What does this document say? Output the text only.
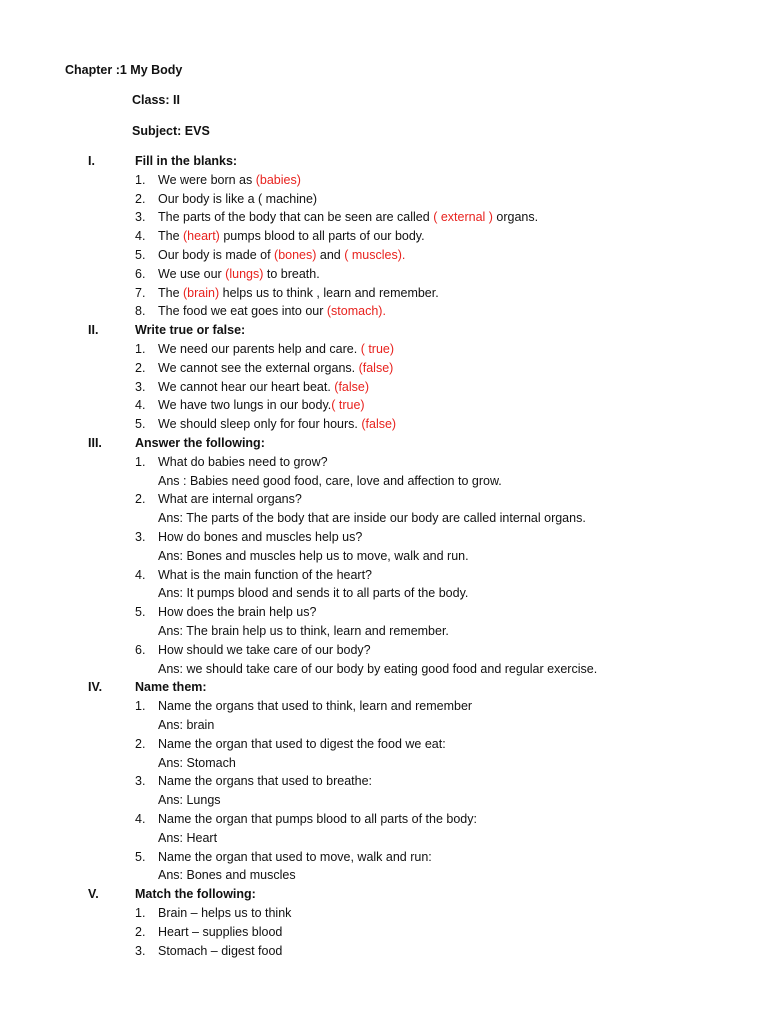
Chapter :1 My Body
Class: II
Subject: EVS
I.	Fill in the blanks:
1. We were born as (babies)
2. Our body is like a ( machine)
3. The parts of the body that can be seen are called ( external ) organs.
4. The (heart) pumps blood to all parts of our body.
5. Our body is made of (bones) and ( muscles).
6. We use our (lungs) to breath.
7. The (brain) helps us to think , learn and remember.
8. The food we eat goes into our (stomach).
II.	Write true or false:
1. We need our parents help and care. ( true)
2. We cannot see the external organs. (false)
3. We cannot hear our heart beat. (false)
4. We have two lungs in our body.( true)
5. We should sleep only for four hours. (false)
III.	Answer the following:
1. What do babies need to grow?
Ans : Babies need good food, care, love and affection to grow.
2. What are internal organs?
Ans: The parts of the body that are inside our body are called internal organs.
3. How do bones and muscles help us?
Ans: Bones and muscles help us to move, walk and run.
4. What is the main function of the heart?
Ans: It pumps blood and sends it to all parts of the body.
5. How does the brain help us?
Ans: The brain help us to think, learn and remember.
6. How should we take care of our body?
Ans: we should take care of our body by eating good food and regular exercise.
IV.	Name them:
1. Name the organs that used to think, learn and remember
Ans: brain
2. Name the organ that used to digest the food we eat:
Ans: Stomach
3. Name the organs that used to breathe:
Ans: Lungs
4. Name the organ that pumps blood to all parts of the body:
Ans: Heart
5. Name the organ that used to move, walk and run:
Ans: Bones and muscles
V.	Match the following:
1. Brain – helps us to think
2. Heart – supplies blood
3. Stomach – digest food
